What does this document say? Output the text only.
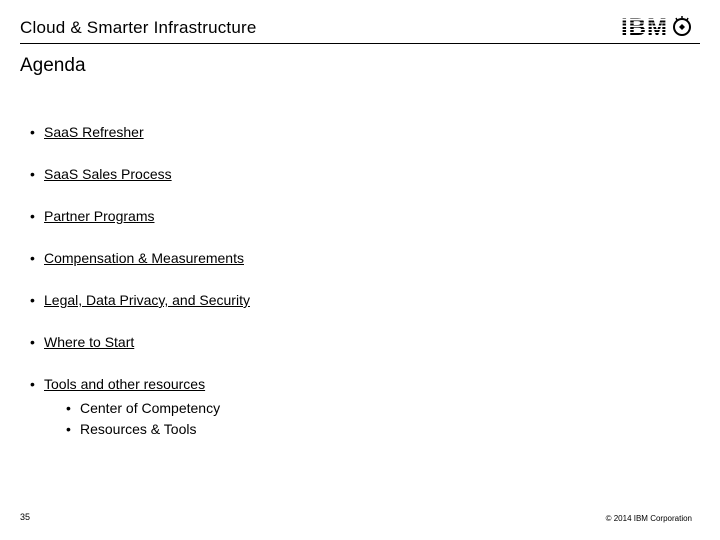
Cloud & Smarter Infrastructure	IBM
Agenda
• SaaS Refresher
• SaaS Sales Process
• Partner Programs
• Compensation & Measurements
• Legal, Data Privacy, and Security
• Where to Start
• Tools and other resources
• Center of Competency
• Resources & Tools
35	© 2014 IBM Corporation
